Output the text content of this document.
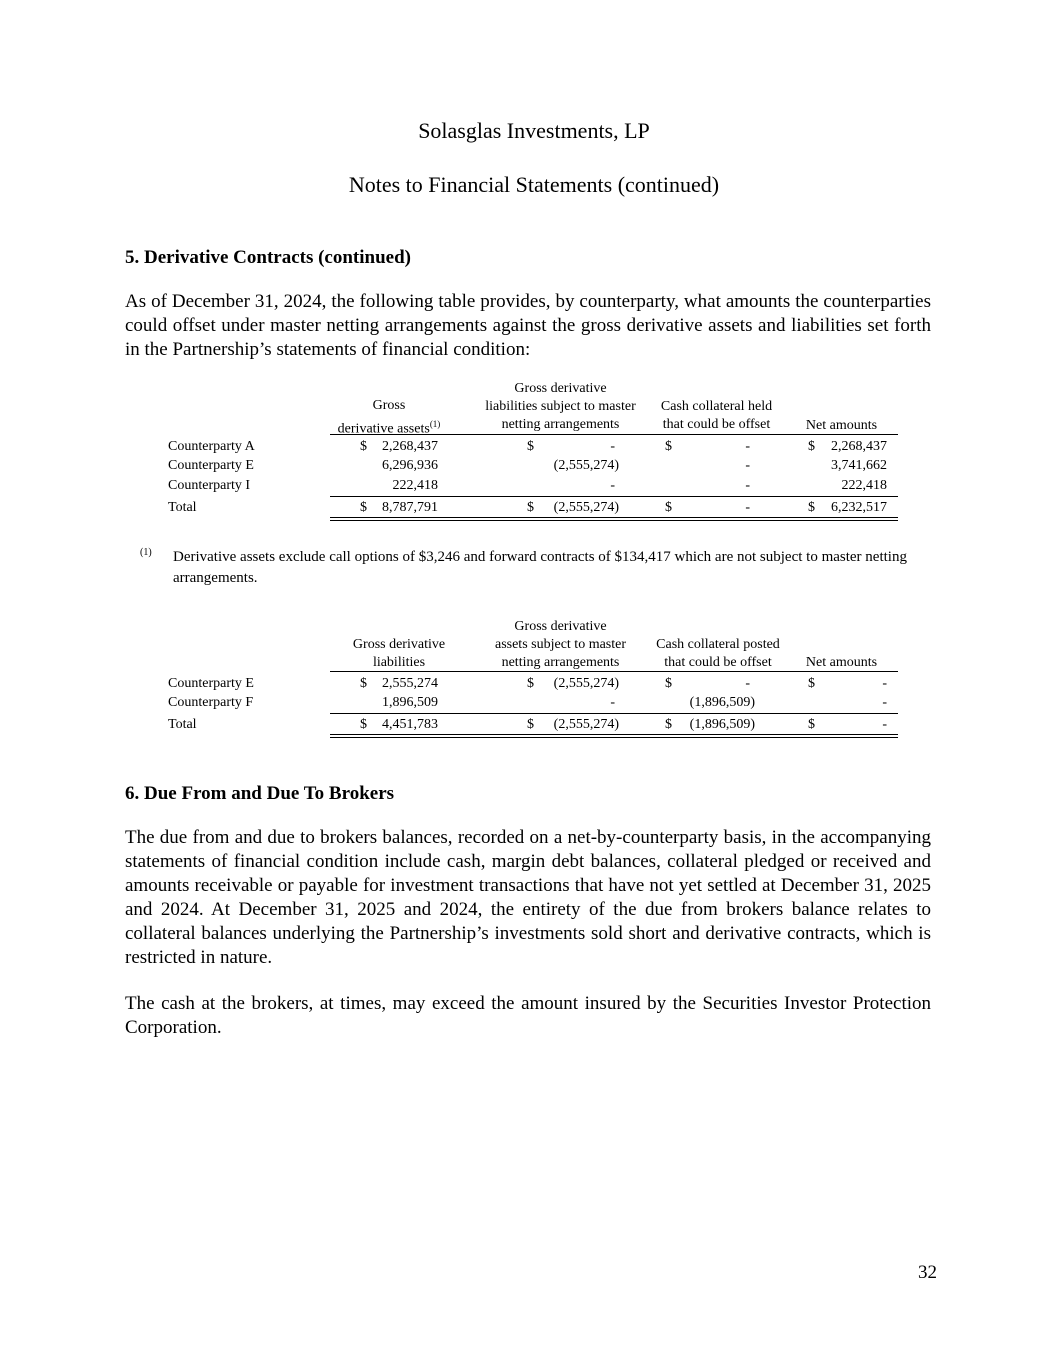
Solasglas Investments, LP
Notes to Financial Statements (continued)
5. Derivative Contracts (continued)
As of December 31, 2024, the following table provides, by counterparty, what amounts the counterparties could offset under master netting arrangements against the gross derivative assets and liabilities set forth in the Partnership’s statements of financial condition:
Gross
derivative assets$^{(1)}$
Gross derivative
liabilities subject to master
netting arrangements
Cash collateral held
that could be offset	Net amounts
Counterparty A	$ 2,268,437	$	-	$	-	$ 2,268,437
Counterparty E	6,296,936	(2,555,274)	-	3,741,662
Counterparty I	222,418	-	-	222,418
Total	$ 8,787,791	$ (2,555,274)	$	-	$ 6,232,517
(1) Derivative assets exclude call options of $3,246 and forward contracts of $134,417 which are not subject to master netting arrangements.
Gross derivative
liabilities
Gross derivative
assets subject to master
netting arrangements
Cash collateral posted
that could be offset	Net amounts
Counterparty E	$ 2,555,274	$ (2,555,274)	$	-	$	-
Counterparty F	1,896,509	-	(1,896,509)	-
Total	$ 4,451,783	$ (2,555,274)	$ (1,896,509)	$	-
6. Due From and Due To Brokers
The due from and due to brokers balances, recorded on a net-by-counterparty basis, in the accompanying statements of financial condition include cash, margin debt balances, collateral pledged or received and amounts receivable or payable for investment transactions that have not yet settled at December 31, 2025 and 2024. At December 31, 2025 and 2024, the entirety of the due from brokers balance relates to collateral balances underlying the Partnership’s investments sold short and derivative contracts, which is restricted in nature.
The cash at the brokers, at times, may exceed the amount insured by the Securities Investor Protection Corporation.
32
